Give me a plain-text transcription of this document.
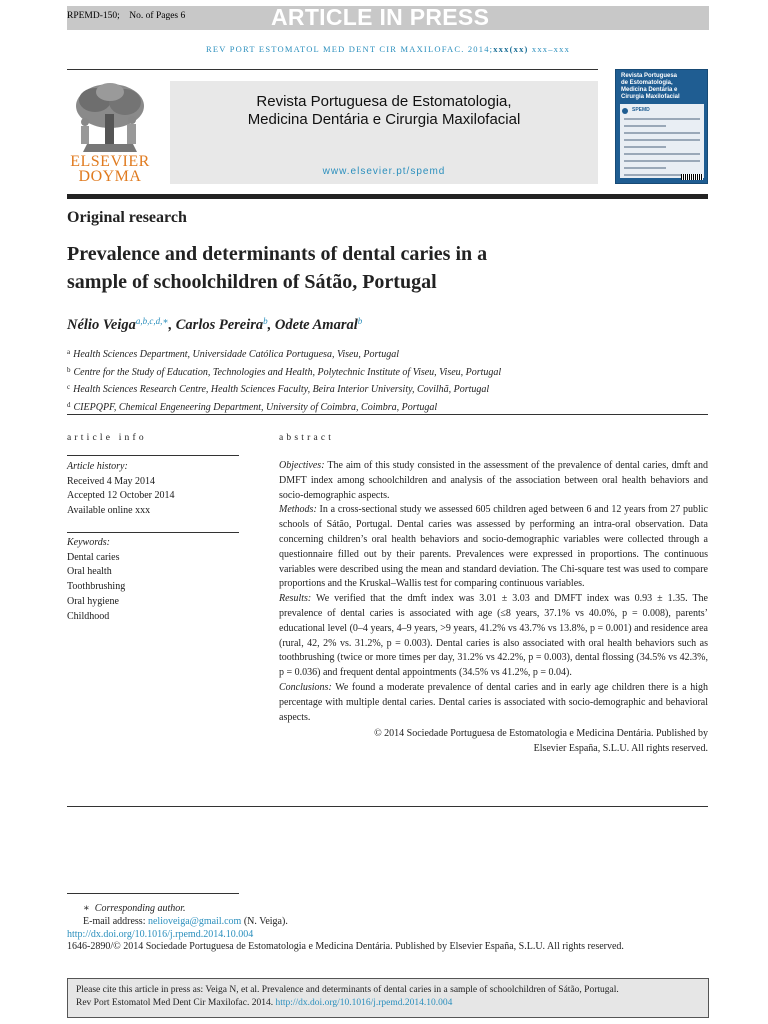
RPEMD-150; No. of Pages 6	ARTICLE IN PRESS
REV PORT ESTOMATOL MED DENT CIR MAXILOFAC. 2014;xxx(xx) xxx–xxx
ELSEVIER
DOYMA
Revista Portuguesa de Estomatologia,
Medicina Dentária e Cirurgia Maxilofacial
www.elsevier.pt/spemd
Revista Portuguesa
de Estomatologia,
Medicina Dentária e
Cirurgia Maxilofacial
SPEMD
Original research
Prevalence and determinants of dental caries in a
sample of schoolchildren of Sátão, Portugal
Nélio Veiga$^{a,b,c,d,∗}$, Carlos Pereira$^b$, Odete Amaral$^b$
$^a$ Health Sciences Department, Universidade Católica Portuguesa, Viseu, Portugal
$^b$ Centre for the Study of Education, Technologies and Health, Polytechnic Institute of Viseu, Viseu, Portugal
$^c$ Health Sciences Research Centre, Health Sciences Faculty, Beira Interior University, Covilhã, Portugal
$^d$ CIEPQPF, Chemical Engeneering Department, University of Coimbra, Coimbra, Portugal
article info
Article history:
Received 4 May 2014
Accepted 12 October 2014
Available online xxx
Keywords:
Dental caries
Oral health
Toothbrushing
Oral hygiene
Childhood
abstract

Objectives: The aim of this study consisted in the assessment of the prevalence of dental caries, dmft and DMFT index among schoolchildren and analysis of the association between oral health behaviors and socio-demographic aspects.

Methods: In a cross-sectional study we assessed 605 children aged between 6 and 12 years from 27 public schools of Sátão, Portugal. Dental caries was assessed by performing an intra-oral observation. Data concerning children’s oral health behaviors and socio-demographic variables were collected through a questionnaire filled out by their parents. Prevalences were expressed in proportions. The continuous variables were described using the mean and standard deviation. The Chi-square test was used to compare proportions and the Kruskal–Wallis test for comparing continuous variables.

Results: We verified that the dmft index was 3.01 ± 3.03 and DMFT index was 0.93 ± 1.35. The prevalence of dental caries is associated with age (≤8 years, 37.1% vs 40.0%, p = 0.008), parents’ educational level (0–4 years, 4–9 years, >9 years, 41.2% vs 43.7% vs 13.8%, p = 0.001) and residence area (rural, 42, 2% vs. 31.2%, p = 0.003). Dental caries is also associated with oral health behaviors such as toothbrushing (twice or more times per day, 31.2% vs 42.2%, p = 0.003), dental flossing (34.5% vs 42.3%, p = 0.036) and frequent dental appointments (34.5% vs 41.2%, p = 0.04).

Conclusions: We found a moderate prevalence of dental caries and in early age children there is a high percentage with multiple dental caries. Dental caries is associated with socio-demographic and behavioral aspects.

© 2014 Sociedade Portuguesa de Estomatologia e Medicina Dentária. Published by
Elsevier España, S.L.U. All rights reserved.
∗ Corresponding author.
E-mail address: nelioveiga@gmail.com (N. Veiga).
http://dx.doi.org/10.1016/j.rpemd.2014.10.004
1646-2890/© 2014 Sociedade Portuguesa de Estomatologia e Medicina Dentária. Published by Elsevier España, S.L.U. All rights reserved.
Please cite this article in press as: Veiga N, et al. Prevalence and determinants of dental caries in a sample of schoolchildren of Sátão, Portugal.
Rev Port Estomatol Med Dent Cir Maxilofac. 2014. http://dx.doi.org/10.1016/j.rpemd.2014.10.004
